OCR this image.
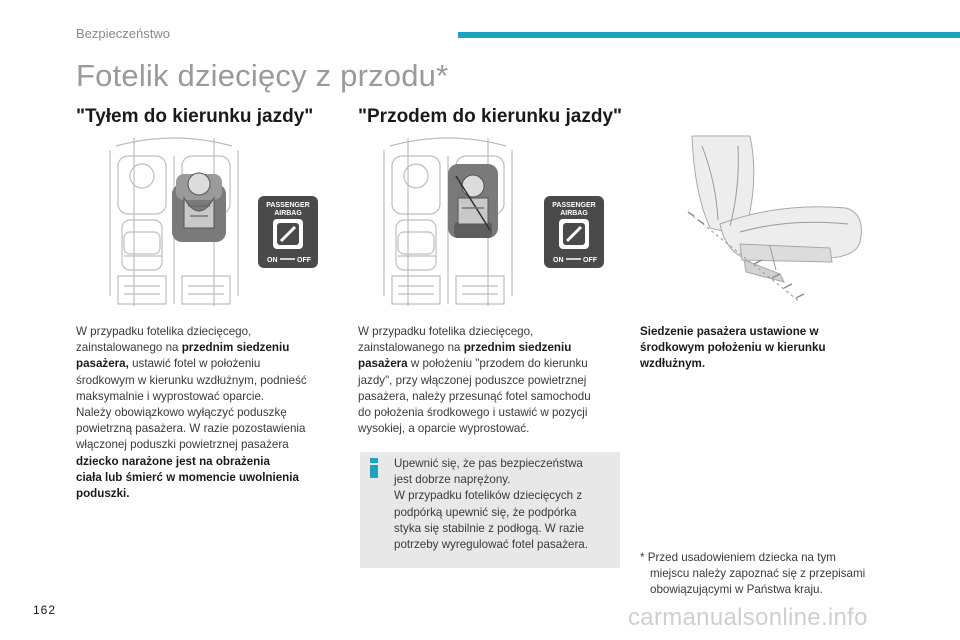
Bezpieczeństwo
Fotelik dziecięcy z przodu*
"Tyłem do kierunku jazdy" "Przodem do kierunku jazdy"
PASSENGER
AIRBAG
ON	OFF
PASSENGER
AIRBAG
ON	OFF
W przypadku fotelika dziecięcego,
zainstalowanego na przednim siedzeniu
pasażera, ustawić fotel w położeniu
środkowym w kierunku wzdłużnym, podnieść
maksymalnie i wyprostować oparcie.
Należy obowiązkowo wyłączyć poduszkę
powietrzną pasażera. W razie pozostawienia
włączonej poduszki powietrznej pasażera
dziecko narażone jest na obrażenia
ciała lub śmierć w momencie uwolnienia
poduszki.
W przypadku fotelika dziecięcego,
zainstalowanego na przednim siedzeniu
pasażera w położeniu "przodem do kierunku
jazdy", przy włączonej poduszce powietrznej
pasażera, należy przesunąć fotel samochodu
do położenia środkowego i ustawić w pozycji
wysokiej, a oparcie wyprostować.
Upewnić się, że pas bezpieczeństwa
jest dobrze naprężony.
W przypadku fotelików dziecięcych z
podpórką upewnić się, że podpórka
styka się stabilnie z podłogą. W razie
potrzeby wyregulować fotel pasażera.
Siedzenie pasażera ustawione w
środkowym położeniu w kierunku
wzdłużnym.
* Przed usadowieniem dziecka na tym
miejscu należy zapoznać się z przepisami
obowiązującymi w Państwa kraju.
162	carmanualsonline.info
